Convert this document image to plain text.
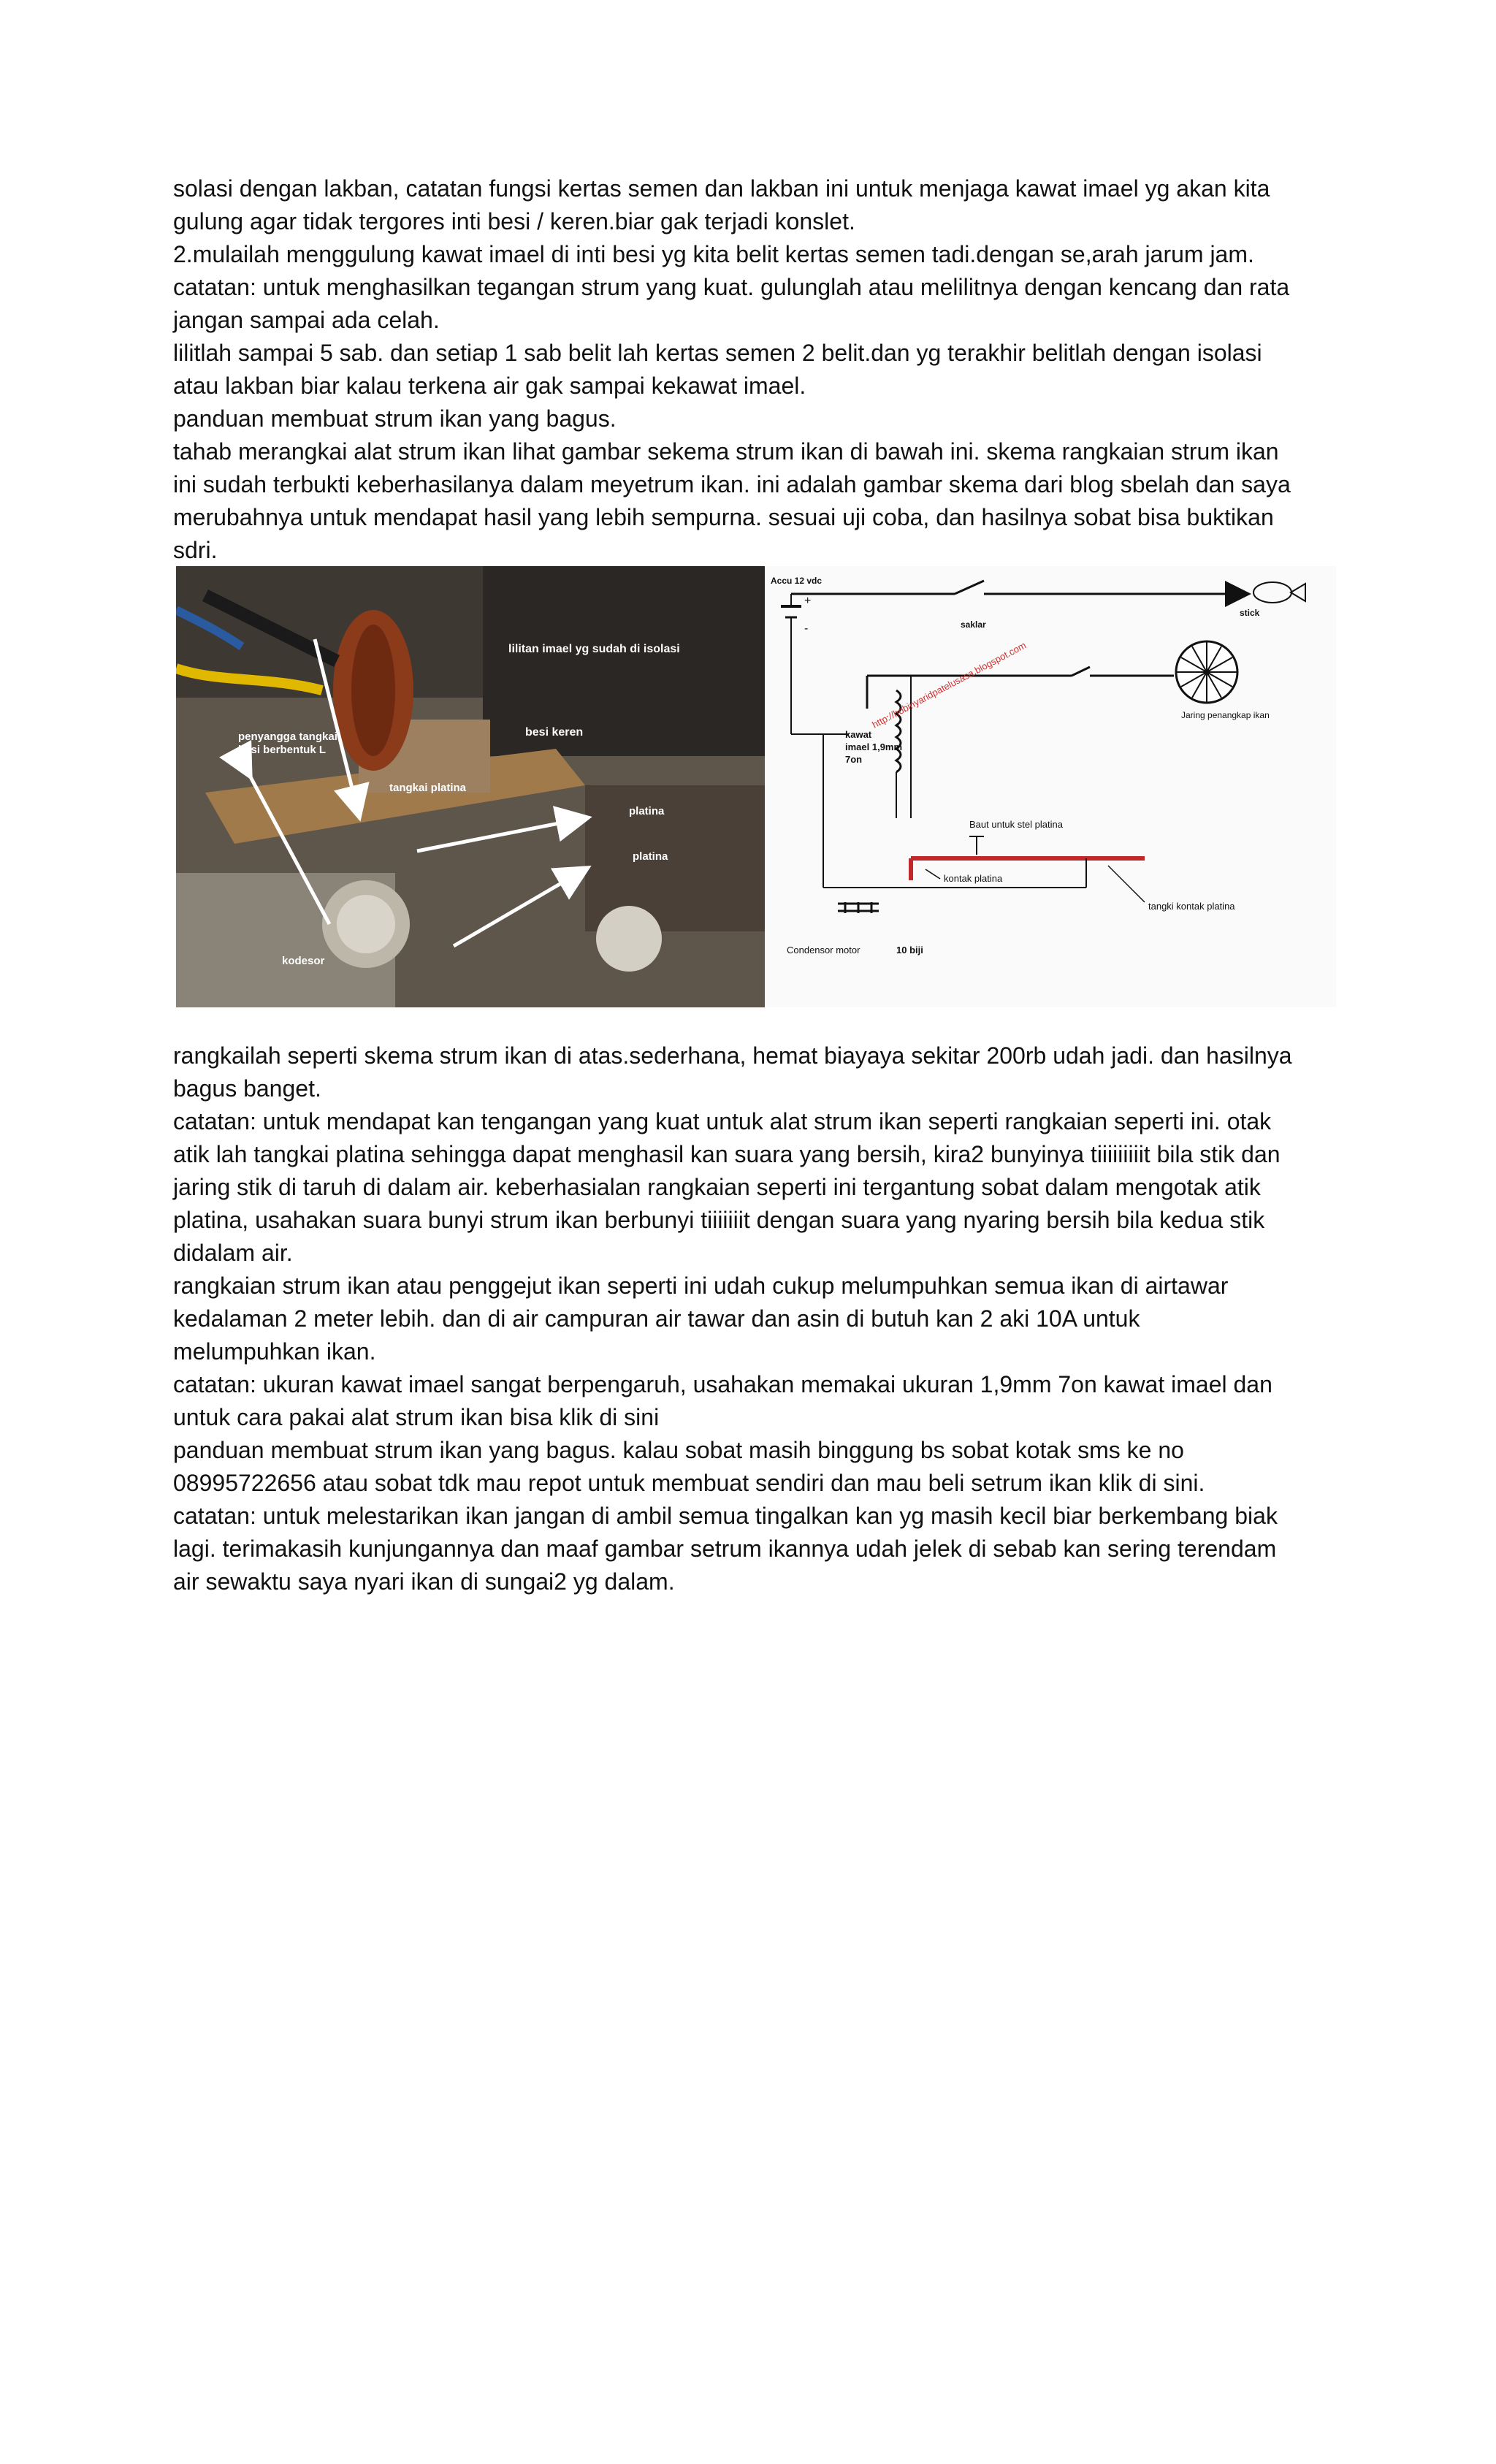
solasi dengan lakban, catatan fungsi kertas semen dan lakban ini untuk menjaga kawat imael yg akan kita
gulung agar tidak tergores inti besi / keren.biar gak terjadi konslet.
2.mulailah menggulung kawat imael di inti besi yg kita belit kertas semen tadi.dengan se,arah jarum jam.
catatan: untuk menghasilkan tegangan strum yang kuat. gulunglah atau melilitnya dengan kencang dan rata
jangan sampai ada celah.
lilitlah sampai 5 sab. dan setiap 1 sab belit lah kertas semen 2 belit.dan yg terakhir belitlah dengan isolasi
atau lakban biar kalau terkena air gak sampai kekawat imael.
panduan membuat strum ikan yang bagus.
tahab merangkai alat strum ikan lihat gambar sekema strum ikan di bawah ini. skema rangkaian strum ikan
ini sudah terbukti keberhasilanya dalam meyetrum ikan. ini adalah gambar skema dari blog sbelah dan saya
merubahnya untuk mendapat hasil yang lebih sempurna. sesuai uji coba, dan hasilnya sobat bisa buktikan
sdri.
lilitan imael yg sudah di isolasi
besi keren
penyangga tangkai
besi berbentuk L
tangkai platina
platina
platina
kodesor
Accu 12 vdc
+
-	saklar
stick
http://hobinyaridpatelusasa.blogspot.com
kawat
imael 1,9mm
7on
Jaring penangkap ikan
Baut untuk stel platina
kontak platina
tangki kontak platina
Condensor motor	10 biji
rangkailah seperti skema strum ikan di atas.sederhana, hemat biayaya sekitar 200rb udah jadi. dan hasilnya
bagus banget.
catatan: untuk mendapat kan tengangan yang kuat untuk alat strum ikan seperti rangkaian seperti ini. otak
atik lah tangkai platina sehingga dapat menghasil kan suara yang bersih, kira2 bunyinya tiiiiiiiiit bila stik dan
jaring stik di taruh di dalam air. keberhasialan rangkaian seperti ini tergantung sobat dalam mengotak atik
platina, usahakan suara bunyi strum ikan berbunyi tiiiiiiit dengan suara yang nyaring bersih bila kedua stik
didalam air.
rangkaian strum ikan atau penggejut ikan seperti ini udah cukup melumpuhkan semua ikan di airtawar
kedalaman 2 meter lebih. dan di air campuran air tawar dan asin di butuh kan 2 aki 10A untuk
melumpuhkan ikan.
catatan: ukuran kawat imael sangat berpengaruh, usahakan memakai ukuran 1,9mm 7on kawat imael dan
untuk cara pakai alat strum ikan bisa klik di sini
panduan membuat strum ikan yang bagus. kalau sobat masih binggung bs sobat kotak sms ke no
08995722656 atau sobat tdk mau repot untuk membuat sendiri dan mau beli setrum ikan klik di sini.
catatan: untuk melestarikan ikan jangan di ambil semua tingalkan kan yg masih kecil biar berkembang biak
lagi. terimakasih kunjungannya dan maaf gambar setrum ikannya udah jelek di sebab kan sering terendam
air sewaktu saya nyari ikan di sungai2 yg dalam.
